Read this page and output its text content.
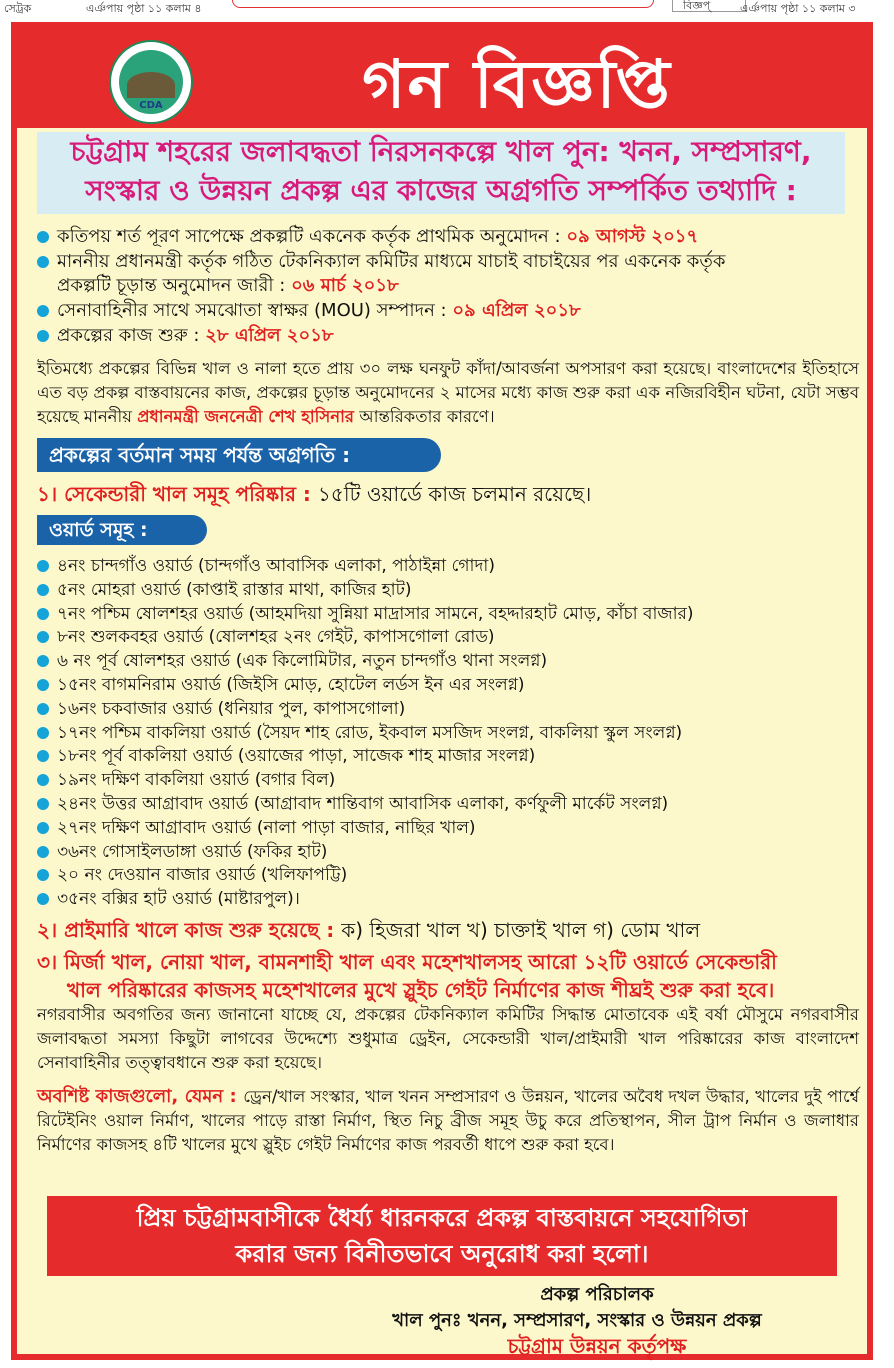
সেট্রক	এর্ঞপায় পৃষ্ঠা ১১ কলাম ৪	বিজ্ঞপ্	এর্ঞপায় পৃষ্ঠা ১১ কলাম ৩
CDA	গন বিজ্ঞপ্তি
চট্টগ্রাম শহরের জলাবদ্ধতা নিরসনকল্পে খাল পুন: খনন, সম্প্রসারণ,
সংস্কার ও উন্নয়ন প্রকল্প এর কাজের অগ্রগতি সম্পর্কিত তথ্যাদি :
কতিপয় শর্ত পূরণ সাপেক্ষে প্রকল্পটি একনেক কর্তৃক প্রাথমিক অনুমোদন : ০৯ আগস্ট ২০১৭
মাননীয় প্রধানমন্ত্রী কর্তৃক গঠিত টেকনিক্যাল কমিটির মাধ্যমে যাচাই বাচাইয়ের পর একনেক কর্তৃক
প্রকল্পটি চূড়ান্ত অনুমোদন জারী : ০৬ মার্চ ২০১৮
সেনাবাহিনীর সাথে সমঝোতা স্বাক্ষর (MOU) সম্পাদন : ০৯ এপ্রিল ২০১৮
প্রকল্পের কাজ শুরু : ২৮ এপ্রিল ২০১৮
ইতিমধ্যে প্রকল্পের বিভিন্ন খাল ও নালা হতে প্রায় ৩০ লক্ষ ঘনফুট কাঁদা/আবর্জনা অপসারণ করা হয়েছে। বাংলাদেশের ইতিহাসে এত বড় প্রকল্প বাস্তবায়নের কাজ, প্রকল্পের চূড়ান্ত অনুমোদনের ২ মাসের মধ্যে কাজ শুরু করা এক নজিরবিহীন ঘটনা, যেটা সম্ভব হয়েছে মাননীয় প্রধানমন্ত্রী জননেত্রী শেখ হাসিনার আন্তরিকতার কারণে।
প্রকল্পের বর্তমান সময় পর্যন্ত অগ্রগতি :
১। সেকেন্ডারী খাল সমূহ পরিষ্কার : ১৫টি ওয়ার্ডে কাজ চলমান রয়েছে।
ওয়ার্ড সমূহ :
৪নং চান্দগাঁও ওয়ার্ড (চান্দগাঁও আবাসিক এলাকা, পাঠাইন্না গোদা)
৫নং মোহরা ওয়ার্ড (কাপ্তাই রাস্তার মাথা, কাজির হাট)
৭নং পশ্চিম ষোলশহর ওয়ার্ড (আহমদিয়া সুন্নিয়া মাদ্রাসার সামনে, বহদ্দারহাট মোড়, কাঁচা বাজার)
৮নং শুলকবহর ওয়ার্ড (ষোলশহর ২নং গেইট, কাপাসগোলা রোড)
৬ নং পূর্ব ষোলশহর ওয়ার্ড (এক কিলোমিটার, নতুন চান্দগাঁও থানা সংলগ্ন)
১৫নং বাগমনিরাম ওয়ার্ড (জিইসি মোড়, হোটেল লর্ডস ইন এর সংলগ্ন)
১৬নং চকবাজার ওয়ার্ড (ধনিয়ার পুল, কাপাসগোলা)
১৭নং পশ্চিম বাকলিয়া ওয়ার্ড (সৈয়দ শাহ রোড, ইকবাল মসজিদ সংলগ্ন, বাকলিয়া স্কুল সংলগ্ন)
১৮নং পূর্ব বাকলিয়া ওয়ার্ড (ওয়াজের পাড়া, সাজেক শাহ মাজার সংলগ্ন)
১৯নং দক্ষিণ বাকলিয়া ওয়ার্ড (বগার বিল)
২৪নং উত্তর আগ্রাবাদ ওয়ার্ড (আগ্রাবাদ শান্তিবাগ আবাসিক এলাকা, কর্ণফুলী মার্কেট সংলগ্ন)
২৭নং দক্ষিণ আগ্রাবাদ ওয়ার্ড (নালা পাড়া বাজার, নাছির খাল)
৩৬নং গোসাইলডাঙ্গা ওয়ার্ড (ফকির হাট)
২০ নং দেওয়ান বাজার ওয়ার্ড (খলিফাপট্টি)
৩৫নং বক্সির হাট ওয়ার্ড (মাষ্টারপুল)।
২। প্রাইমারি খালে কাজ শুরু হয়েছে : ক) হিজরা খাল খ) চাক্তাই খাল গ) ডোম খাল
৩। মির্জা খাল, নোয়া খাল, বামনশাহী খাল এবং মহেশখালসহ আরো ১২টি ওয়ার্ডে সেকেন্ডারী
খাল পরিষ্কারের কাজসহ মহেশখালের মুখে স্লুইচ গেইট নির্মাণের কাজ শীঘ্রই শুরু করা হবে।
নগরবাসীর অবগতির জন্য জানানো যাচ্ছে যে, প্রকল্পের টেকনিক্যাল কমিটির সিদ্ধান্ত মোতাবেক এই বর্ষা মৌসুমে নগরবাসীর জলাবদ্ধতা সমস্যা কিছুটা লাগবের উদ্দেশ্যে শুধুমাত্র ড্রেইন, সেকেন্ডারী খাল/প্রাইমারী খাল পরিষ্কারের কাজ বাংলাদেশ সেনাবাহিনীর তত্ত্বাবধানে শুরু করা হয়েছে।
অবশিষ্ট কাজগুলো, যেমন : ড্রেন/খাল সংস্কার, খাল খনন সম্প্রসারণ ও উন্নয়ন, খালের অবৈধ দখল উদ্ধার, খালের দুই পার্শ্বে রিটেইনিং ওয়াল নির্মাণ, খালের পাড়ে রাস্তা নির্মাণ, স্থিত নিচু ব্রীজ সমূহ উচু করে প্রতিস্থাপন, সীল ট্রাপ নির্মান ও জলাধার নির্মাণের কাজসহ ৪টি খালের মুখে স্লুইচ গেইট নির্মাণের কাজ পরবর্তী ধাপে শুরু করা হবে।
প্রিয় চট্টগ্রামবাসীকে ধৈর্য্য ধারনকরে প্রকল্প বাস্তবায়নে সহযোগিতা
করার জন্য বিনীতভাবে অনুরোধ করা হলো।
প্রকল্প পরিচালক
খাল পুনঃ খনন, সম্প্রসারণ, সংস্কার ও উন্নয়ন প্রকল্প
চট্টগ্রাম উন্নয়ন কর্তৃপক্ষ
